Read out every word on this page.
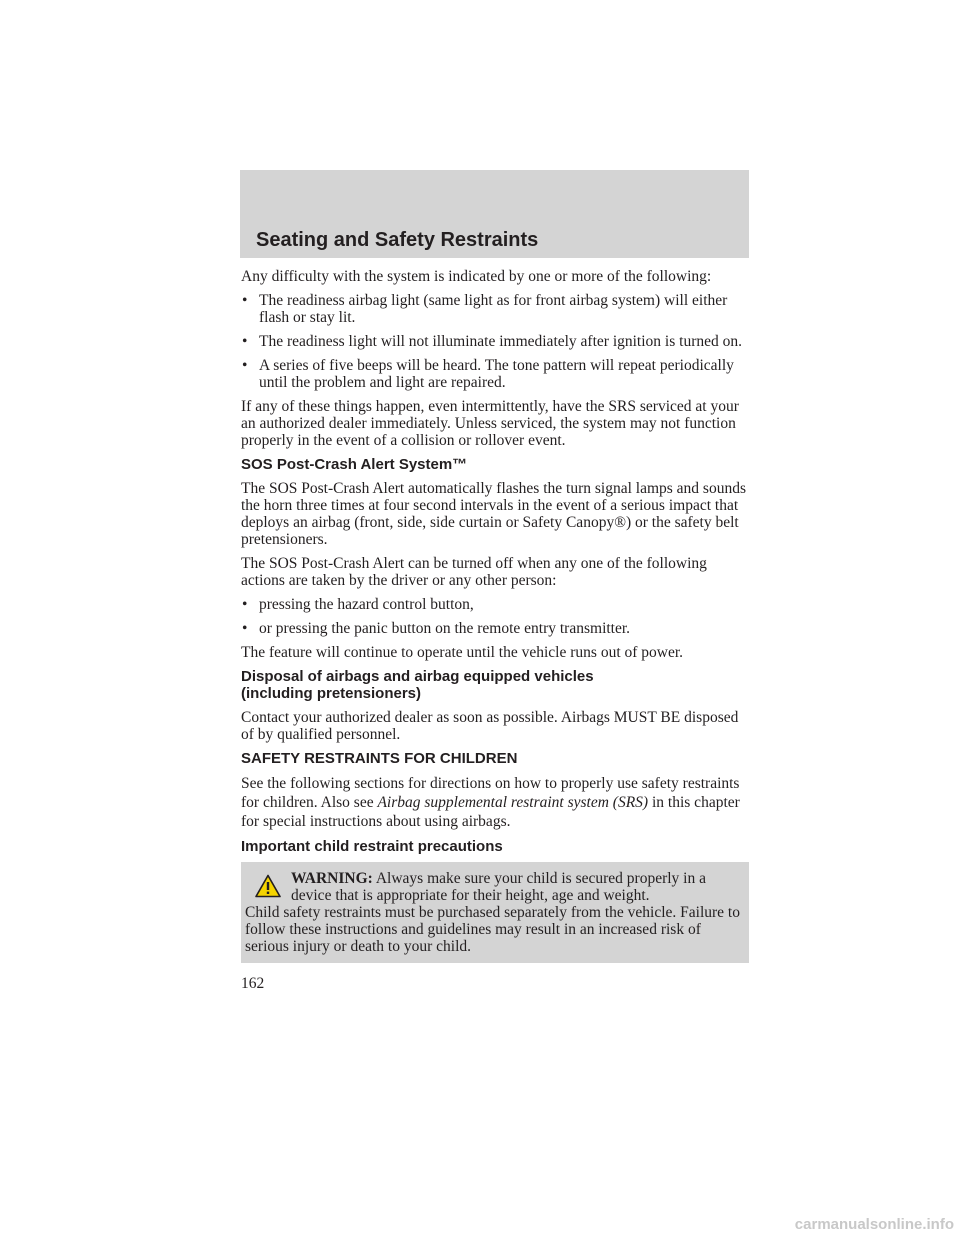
Seating and Safety Restraints

Any difficulty with the system is indicated by one or more of the following:

• The readiness airbag light (same light as for front airbag system) will either flash or stay lit.
• The readiness light will not illuminate immediately after ignition is turned on.
• A series of five beeps will be heard. The tone pattern will repeat periodically until the problem and light are repaired.

If any of these things happen, even intermittently, have the SRS serviced at your an authorized dealer immediately. Unless serviced, the system may not function properly in the event of a collision or rollover event.

SOS Post-Crash Alert System™

The SOS Post-Crash Alert automatically flashes the turn signal lamps and sounds the horn three times at four second intervals in the event of a serious impact that deploys an airbag (front, side, side curtain or Safety Canopy®) or the safety belt pretensioners.

The SOS Post-Crash Alert can be turned off when any one of the following actions are taken by the driver or any other person:

• pressing the hazard control button,
• or pressing the panic button on the remote entry transmitter.

The feature will continue to operate until the vehicle runs out of power.

Disposal of airbags and airbag equipped vehicles
(including pretensioners)

Contact your authorized dealer as soon as possible. Airbags MUST BE disposed of by qualified personnel.

SAFETY RESTRAINTS FOR CHILDREN

See the following sections for directions on how to properly use safety restraints for children. Also see Airbag supplemental restraint system (SRS) in this chapter for special instructions about using airbags.

Important child restraint precautions
WARNING: Always make sure your child is secured properly in a device that is appropriate for their height, age and weight.
Child safety restraints must be purchased separately from the vehicle. Failure to follow these instructions and guidelines may result in an increased risk of serious injury or death to your child.
162
carmanualsonline.info
